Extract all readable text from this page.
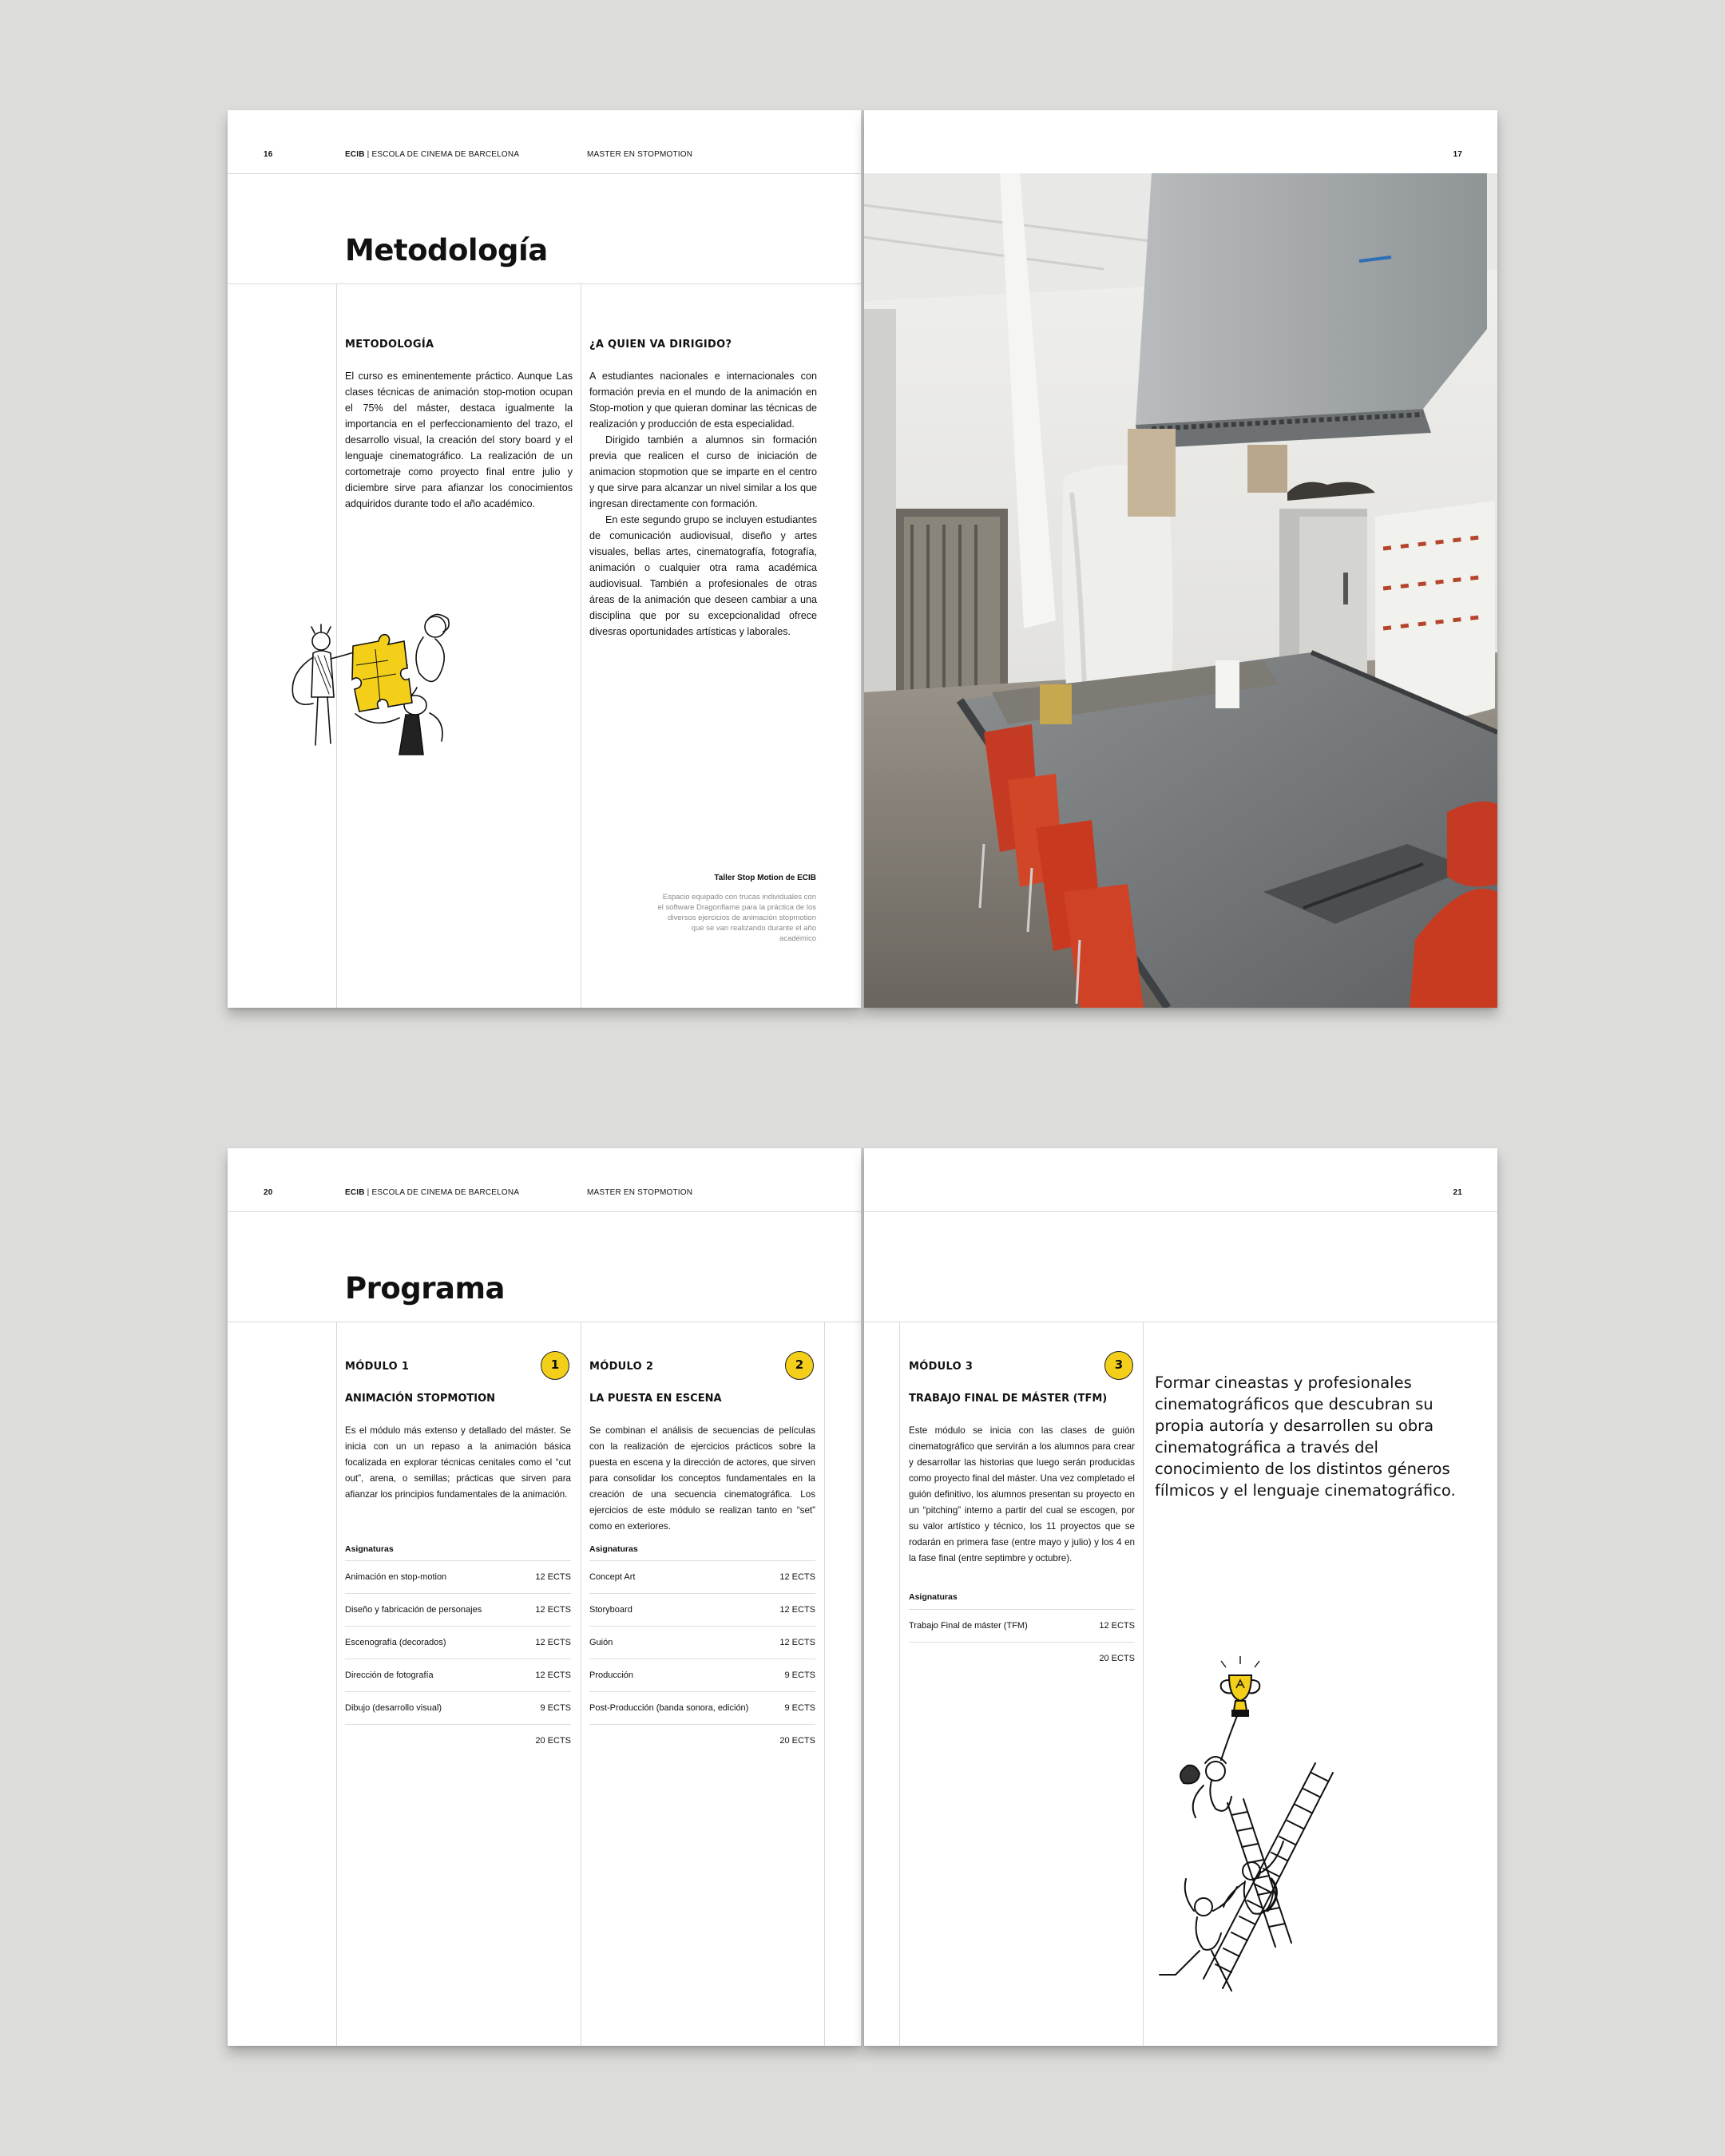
16	ECIB | ESCOLA DE CINEMA DE BARCELONA	MASTER EN STOPMOTION
Metodología
METODOLOGÍA
El curso es eminentemente práctico. Aunque Las clases técnicas de animación stop-motion ocupan el 75% del máster, destaca igualmente la importancia en el perfeccionamiento del trazo, el desarrollo visual, la creación del story board y el lenguaje cinematográfico. La realización de un cortometraje como proyecto final entre julio y diciembre sirve para afianzar los conocimientos adquiridos durante todo el año académico.
¿A QUIEN VA DIRIGIDO?

A estudiantes nacionales e internacionales con formación previa en el mundo de la animación en Stop-motion y que quieran dominar las técnicas de realización y producción de esta especialidad.

Dirigido también a alumnos sin formación previa que realicen el curso de iniciación de animacion stopmotion que se imparte en el centro y que sirve para alcanzar un nivel similar a los que ingresan directamente con formación.

En este segundo grupo se incluyen estudiantes de comunicación audiovisual, diseño y artes visuales, bellas artes, cinematografía, fotografía, animación o cualquier otra rama académica audiovisual. También a profesionales de otras áreas de la animación que deseen cambiar a una disciplina que por su excepcionalidad ofrece divesras oportunidades artísticas y laborales.

Taller Stop Motion de ECIB
Espacio equipado con trucas individuales con el software Dragonflame para la práctica de los diversos ejercicios de animación stopmotion que se van realizando durante el año académico
17
20	ECIB | ESCOLA DE CINEMA DE BARCELONA	MASTER EN STOPMOTION
Programa
MÓDULO 1	1
ANIMACIÓN STOPMOTION
Es el módulo más extenso y detallado del máster. Se inicia con un un repaso a la animación básica focalizada en explorar técnicas cenitales como el “cut out”, arena, o semillas; prácticas que sirven para afianzar los principios fundamentales de la animación.
Asignaturas
Animación en stop-motion	12 ECTS
Diseño y fabricación de personajes	12 ECTS
Escenografía (decorados)	12 ECTS
Dirección de fotografía	12 ECTS
Dibujo (desarrollo visual)	9 ECTS
20 ECTS
MÓDULO 2	2
LA PUESTA EN ESCENA
Se combinan el análisis de secuencias de películas con la realización de ejercicios prácticos sobre la puesta en escena y la dirección de actores, que sirven para consolidar los conceptos fundamentales en la creación de una secuencia cinematográfica. Los ejercicios de este módulo se realizan tanto en “set” como en exteriores.
Asignaturas
Concept Art	12 ECTS
Storyboard	12 ECTS
Guión	12 ECTS
Producción	9 ECTS
Post-Producción (banda sonora, edición)	9 ECTS
20 ECTS
21
MÓDULO 3	3
TRABAJO FINAL DE MÁSTER (TFM)
Este módulo se inicia con las clases de guión cinematográfico que servirán a los alumnos para crear y desarrollar las historias que luego serán producidas como proyecto final del máster. Una vez completado el guión definitivo, los alumnos presentan su proyecto en un “pitching” interno a partir del cual se escogen, por su valor artístico y técnico, los 11 proyectos que se rodarán en primera fase (entre mayo y julio) y los 4 en la fase final (entre septimbre y octubre).
Asignaturas
Trabajo Final de máster (TFM)	12 ECTS
20 ECTS
Formar cineastas y profesionales cinematográficos que descubran su propia autoría y desarrollen su obra cinematográfica a través del conocimiento de los distintos géneros fílmicos y el lenguaje cinematográfico.
